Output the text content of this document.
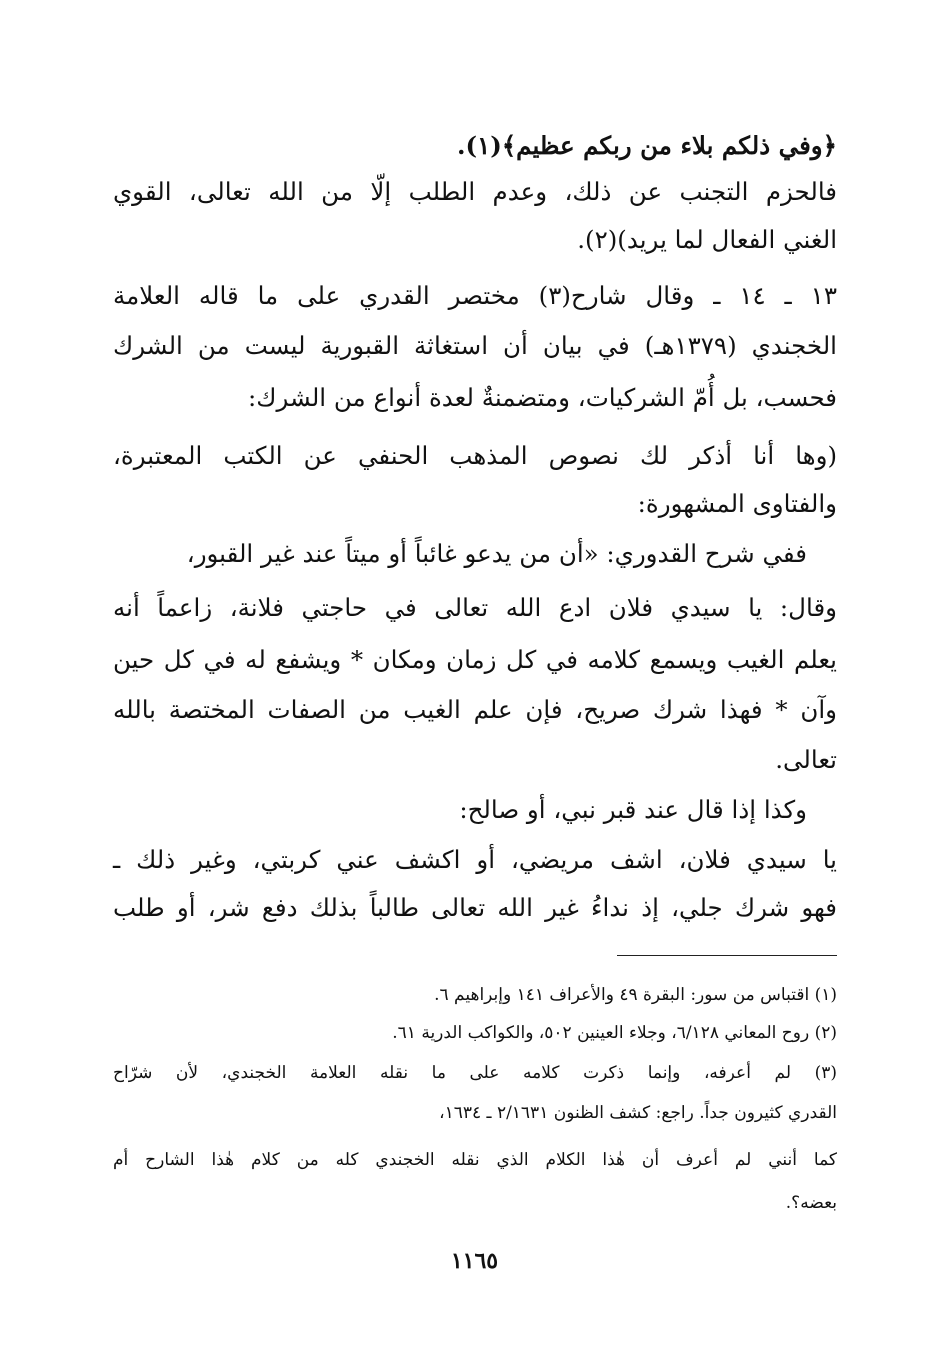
﴿وفي ذلكم بلاء من ربكم عظيم﴾(١).
فالحزم التجنب عن ذلك، وعدم الطلب إلّا من الله تعالى، القوي
الغني الفعال لما يريد)(٢).
١٣ ـ ١٤ ـ وقال شارح(٣) مختصر القدري على ما قاله العلامة
الخجندي (١٣٧٩هـ) في بيان أن استغاثة القبورية ليست من الشرك
فحسب، بل أُمّ الشركيات، ومتضمنةٌ لعدة أنواع من الشرك:
(وها أنا أذكر لك نصوص المذهب الحنفي عن الكتب المعتبرة،
والفتاوى المشهورة:
ففي شرح القدوري: «أن من يدعو غائباً أو ميتاً عند غير القبور،
وقال: يا سيدي فلان ادع الله تعالى في حاجتي فلانة، زاعماً أنه
يعلم الغيب ويسمع كلامه في كل زمان ومكان * ويشفع له في كل حين
وآن * فهذا شرك صريح، فإن علم الغيب من الصفات المختصة بالله
تعالى.
وكذا إذا قال عند قبر نبي، أو صالح:
يا سيدي فلان، اشف مريضي، أو اكشف عني كربتي، وغير ذلك ـ
فهو شرك جلي، إذ نداءُ غير الله تعالى طالباً بذلك دفع شر، أو طلب
(١) اقتباس من سور: البقرة ٤٩ والأعراف ١٤١ وإبراهيم ٦.
(٢) روح المعاني ٦/١٢٨، وجلاء العينين ٥٠٢، والكواكب الدرية ٦١.
(٣) لم أعرفه، وإنما ذكرت كلامه على ما نقله العلامة الخجندي، لأن شرّاح
القدري كثيرون جداً. راجع: كشف الظنون ٢/١٦٣١ ـ ١٦٣٤،
كما أنني لم أعرف أن هٰذا الكلام الذي نقله الخجندي كله من كلام هٰذا الشارح أم
بعضه؟.
١١٦٥
